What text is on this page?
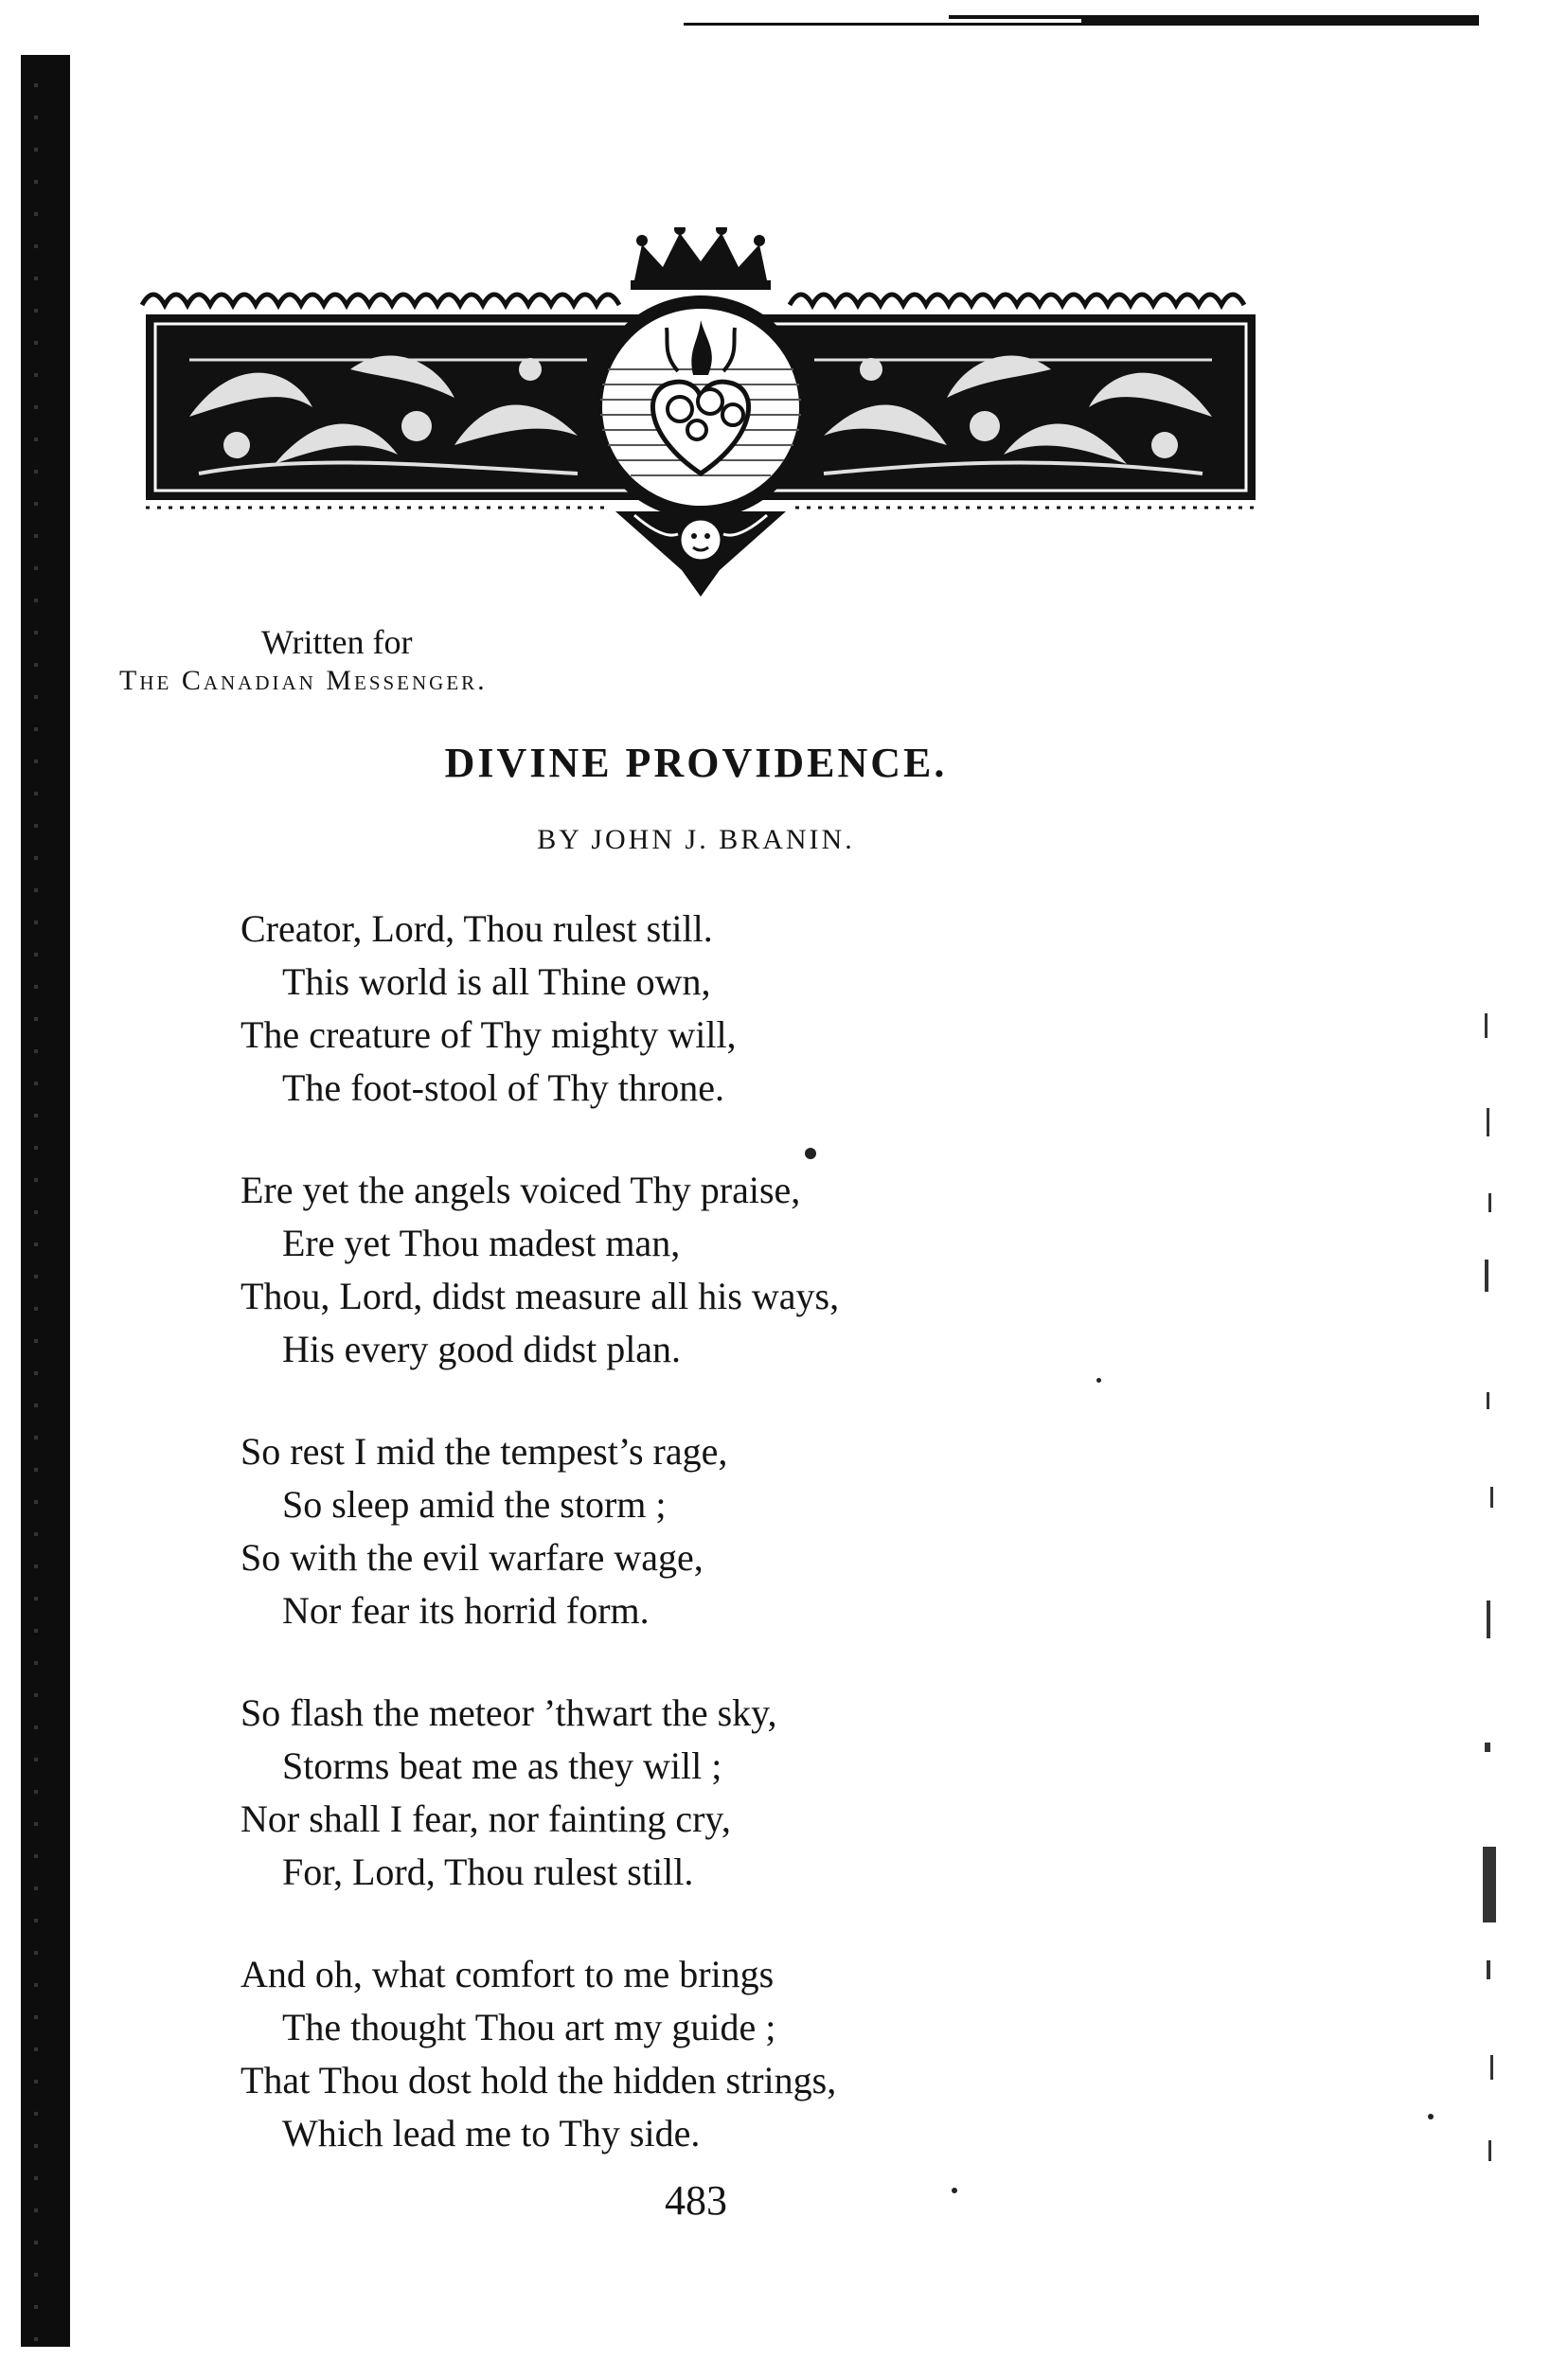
Written for
The Canadian Messenger.
DIVINE PROVIDENCE.
BY JOHN J. BRANIN.
Creator, Lord, Thou rulest still.
This world is all Thine own,
The creature of Thy mighty will,
The foot-stool of Thy throne.
Ere yet the angels voiced Thy praise,
Ere yet Thou madest man,
Thou, Lord, didst measure all his ways,
His every good didst plan.
So rest I mid the tempest’s rage,
So sleep amid the storm ;
So with the evil warfare wage,
Nor fear its horrid form.
So flash the meteor ’thwart the sky,
Storms beat me as they will ;
Nor shall I fear, nor fainting cry,
For, Lord, Thou rulest still.
And oh, what comfort to me brings
The thought Thou art my guide ;
That Thou dost hold the hidden strings,
Which lead me to Thy side.
483
